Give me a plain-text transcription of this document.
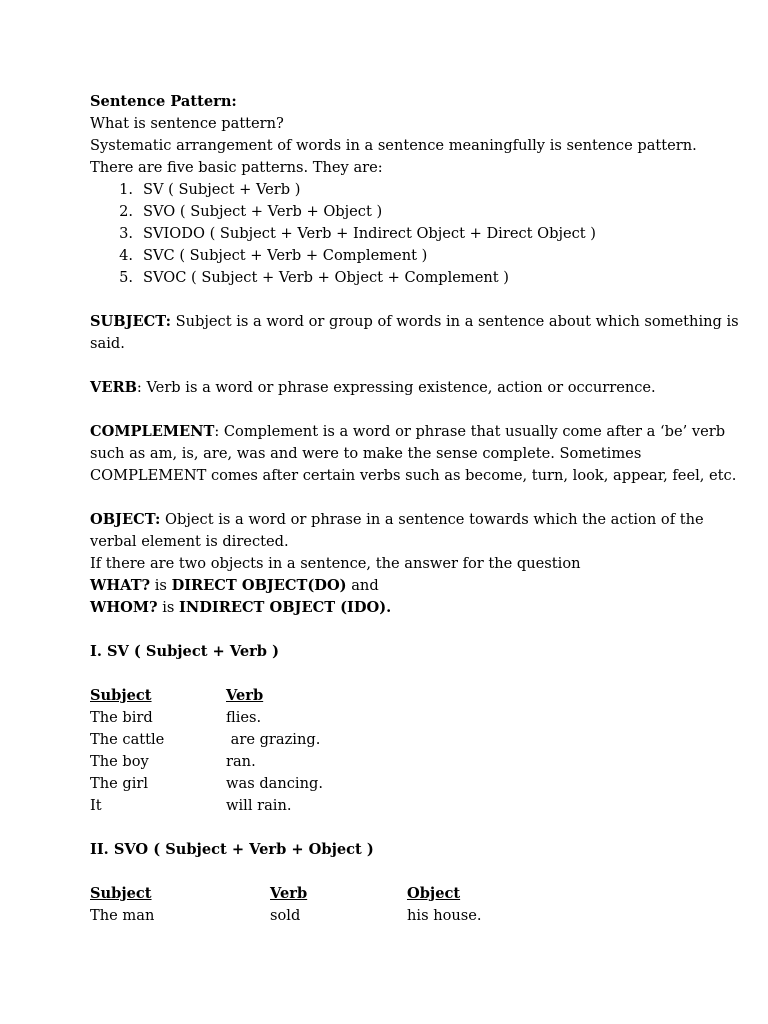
Sentence Pattern:
What is sentence pattern?
Systematic arrangement of words in a sentence meaningfully is sentence pattern.
There are five basic patterns. They are:
1. SV ( Subject + Verb )
2. SVO ( Subject + Verb + Object )
3. SVIODO ( Subject + Verb + Indirect Object + Direct Object )
4. SVC ( Subject + Verb + Complement )
5. SVOC ( Subject + Verb + Object + Complement )
SUBJECT: Subject is a word or group of words in a sentence about which something is
said.
VERB: Verb is a word or phrase expressing existence, action or occurrence.
COMPLEMENT: Complement is a word or phrase that usually come after a ‘be’ verb
such as am, is, are, was and were to make the sense complete. Sometimes
COMPLEMENT comes after certain verbs such as become, turn, look, appear, feel, etc.
OBJECT: Object is a word or phrase in a sentence towards which the action of the
verbal element is directed.
If there are two objects in a sentence, the answer for the question
WHAT? is DIRECT OBJECT(DO) and
WHOM? is INDIRECT OBJECT (IDO).
I. SV ( Subject + Verb )
Subject	Verb
The bird	flies.
The cattle	are grazing.
The boy	ran.
The girl	was dancing.
It	will rain.
II. SVO ( Subject + Verb + Object )
Subject	Verb	Object
The man	sold	his house.
